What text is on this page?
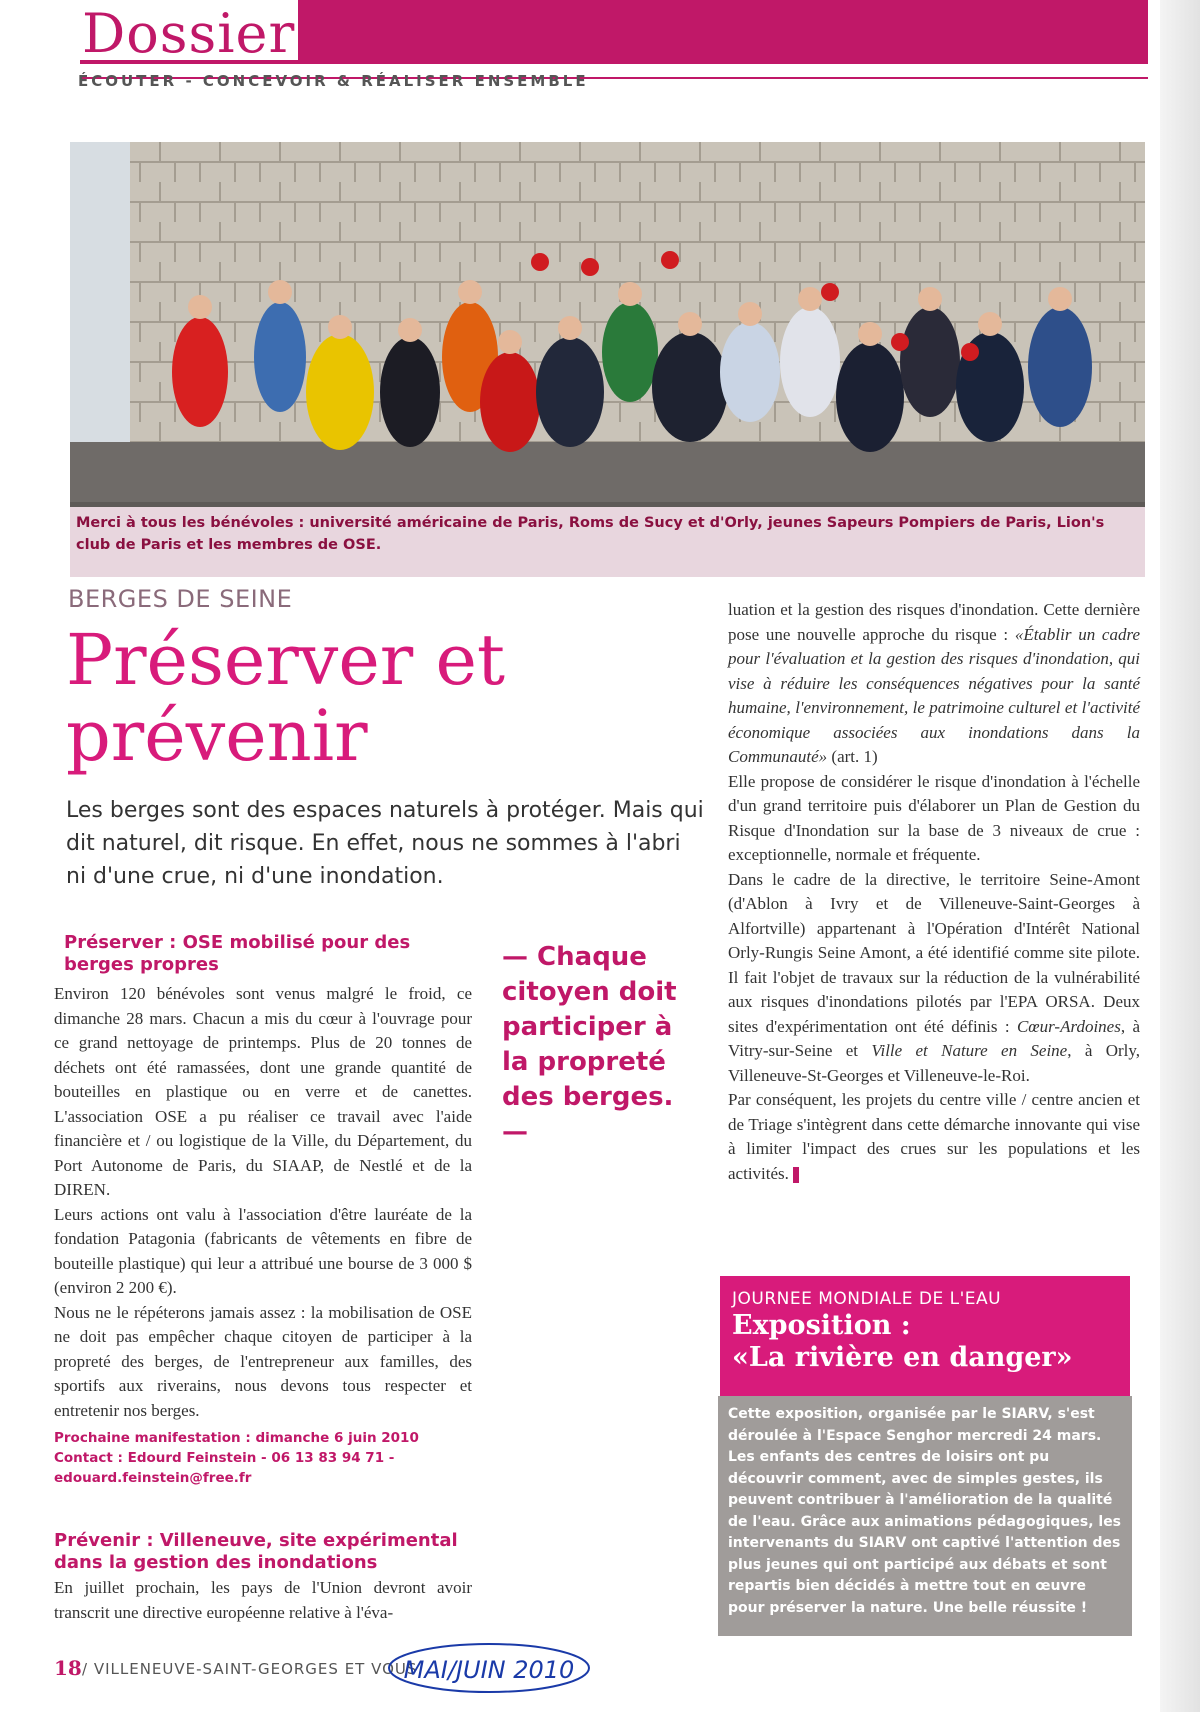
Dossier
ÉCOUTER - CONCEVOIR & RÉALISER ENSEMBLE
Merci à tous les bénévoles : université américaine de Paris, Roms de Sucy et d'Orly, jeunes Sapeurs Pompiers de Paris, Lion's club de Paris et les membres de OSE.
BERGES DE SEINE
Préserver et prévenir
Les berges sont des espaces naturels à protéger. Mais qui dit naturel, dit risque. En effet, nous ne sommes à l'abri ni d'une crue, ni d'une inondation.
Préserver : OSE mobilisé pour des berges propres

Environ 120 bénévoles sont venus malgré le froid, ce dimanche 28 mars. Chacun a mis du cœur à l'ouvrage pour ce grand nettoyage de printemps. Plus de 20 tonnes de déchets ont été ramassées, dont une grande quantité de bouteilles en plastique ou en verre et de canettes. L'association OSE a pu réaliser ce travail avec l'aide financière et / ou logistique de la Ville, du Département, du Port Autonome de Paris, du SIAAP, de Nestlé et de la DIREN.

Leurs actions ont valu à l'association d'être lauréate de la fondation Patagonia (fabricants de vêtements en fibre de bouteille plastique) qui leur a attribué une bourse de 3 000 $ (environ 2 200 €).

Nous ne le répéterons jamais assez : la mobilisation de OSE ne doit pas empêcher chaque citoyen de participer à la propreté des berges, de l'entrepreneur aux familles, des sportifs aux riverains, nous devons tous respecter et entretenir nos berges.

Prochaine manifestation : dimanche 6 juin 2010
Contact : Edourd Feinstein - 06 13 83 94 71 -
edouard.feinstein@free.fr
Prévenir : Villeneuve, site expérimental dans la gestion des inondations

En juillet prochain, les pays de l'Union devront avoir transcrit une directive européenne relative à l'éva-

— Chaque citoyen doit participer à la propreté des berges. —

luation et la gestion des risques d'inondation. Cette dernière pose une nouvelle approche du risque : «Établir un cadre pour l'évaluation et la gestion des risques d'inondation, qui vise à réduire les conséquences négatives pour la santé humaine, l'environnement, le patrimoine culturel et l'activité économique associées aux inondations dans la Communauté» (art. 1)

Elle propose de considérer le risque d'inondation à l'échelle d'un grand territoire puis d'élaborer un Plan de Gestion du Risque d'Inondation sur la base de 3 niveaux de crue : exceptionnelle, normale et fréquente.

Dans le cadre de la directive, le territoire Seine-Amont (d'Ablon à Ivry et de Villeneuve-Saint-Georges à Alfortville) appartenant à l'Opération d'Intérêt National Orly-Rungis Seine Amont, a été identifié comme site pilote. Il fait l'objet de travaux sur la réduction de la vulnérabilité aux risques d'inondations pilotés par l'EPA ORSA. Deux sites d'expérimentation ont été définis : Cœur-Ardoines, à Vitry-sur-Seine et Ville et Nature en Seine, à Orly, Villeneuve-St-Georges et Villeneuve-le-Roi.

Par conséquent, les projets du centre ville / centre ancien et de Triage s'intègrent dans cette démarche innovante qui vise à limiter l'impact des crues sur les populations et les activités.

JOURNEE MONDIALE DE L'EAU
Exposition :
«La rivière en danger»
Cette exposition, organisée par le SIARV, s'est déroulée à l'Espace Senghor mercredi 24 mars. Les enfants des centres de loisirs ont pu découvrir comment, avec de simples gestes, ils peuvent contribuer à l'amélioration de la qualité de l'eau. Grâce aux animations pédagogiques, les intervenants du SIARV ont captivé l'attention des plus jeunes qui ont participé aux débats et sont repartis bien décidés à mettre tout en œuvre pour préserver la nature. Une belle réussite !
18 / VILLENEUVE-SAINT-GEORGES ET VOUS
MAI/JUIN 2010
